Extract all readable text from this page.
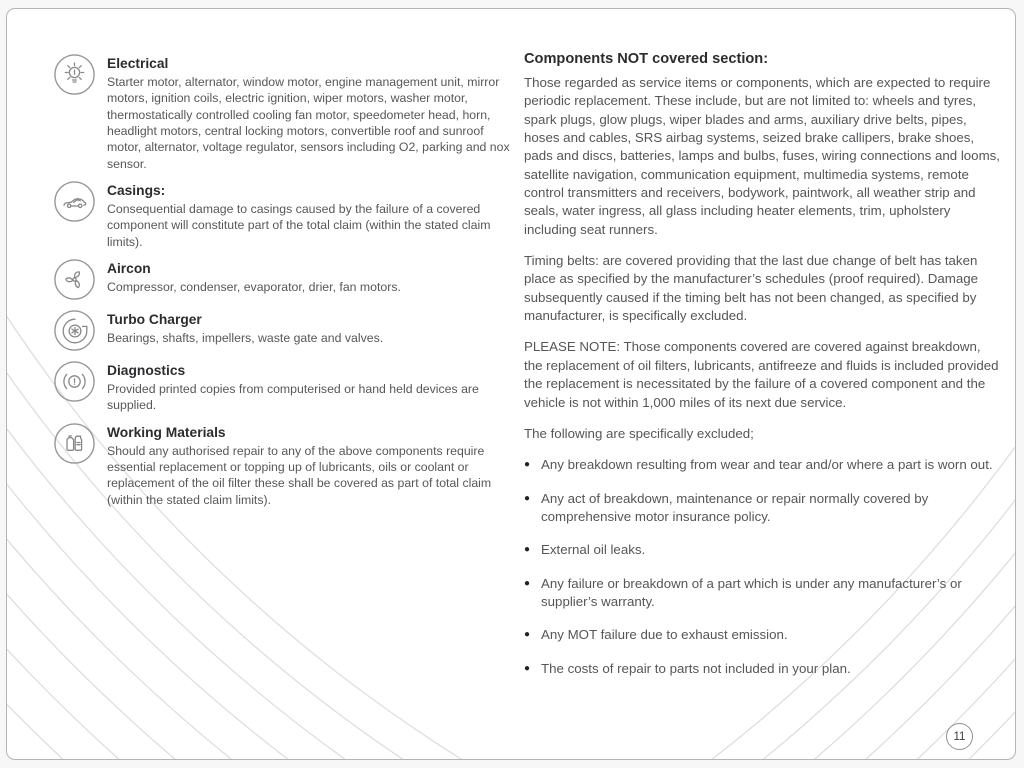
Electrical
Starter motor, alternator, window motor, engine management unit, mirror motors, ignition coils, electric ignition, wiper motors, washer motor, thermostatically controlled cooling fan motor, speedometer head, horn, headlight motors, central locking motors, convertible roof and sunroof motor, alternator, voltage regulator, sensors including O2, parking and nox sensor.
Casings:
Consequential damage to casings caused by the failure of a covered component will constitute part of the total claim (within the stated claim limits).
Aircon
Compressor, condenser, evaporator, drier, fan motors.
Turbo Charger
Bearings, shafts, impellers, waste gate and valves.
Diagnostics
Provided printed copies from computerised or hand held devices are supplied.
Working Materials
Should any authorised repair to any of the above components require essential replacement or topping up of lubricants, oils or coolant or replacement of the oil filter these shall be covered as part of total claim (within the stated claim limits).
Components NOT covered section:

Those regarded as service items or components, which are expected to require periodic replacement. These include, but are not limited to: wheels and tyres, spark plugs, glow plugs, wiper blades and arms, auxiliary drive belts, pipes, hoses and cables, SRS airbag systems, seized brake callipers, brake shoes, pads and discs, batteries, lamps and bulbs, fuses, wiring connections and looms, satellite navigation, communication equipment, multimedia systems, remote control transmitters and receivers, bodywork, paintwork, all weather strip and seals, water ingress, all glass including heater elements, trim, upholstery including seat runners.

Timing belts: are covered providing that the last due change of belt has taken place as specified by the manufacturer’s schedules (proof required). Damage subsequently caused if the timing belt has not been changed, as specified by manufacturer, is specifically excluded.

PLEASE NOTE: Those components covered are covered against breakdown, the replacement of oil filters, lubricants, antifreeze and fluids is included provided the replacement is necessitated by the failure of a covered component and the vehicle is not within 1,000 miles of its next due service.

The following are specifically excluded;

● Any breakdown resulting from wear and tear and/or where a part is worn out.
● Any act of breakdown, maintenance or repair normally covered by comprehensive motor insurance policy.
● External oil leaks.
● Any failure or breakdown of a part which is under any manufacturer’s or supplier’s warranty.
● Any MOT failure due to exhaust emission.
● The costs of repair to parts not included in your plan.
11
